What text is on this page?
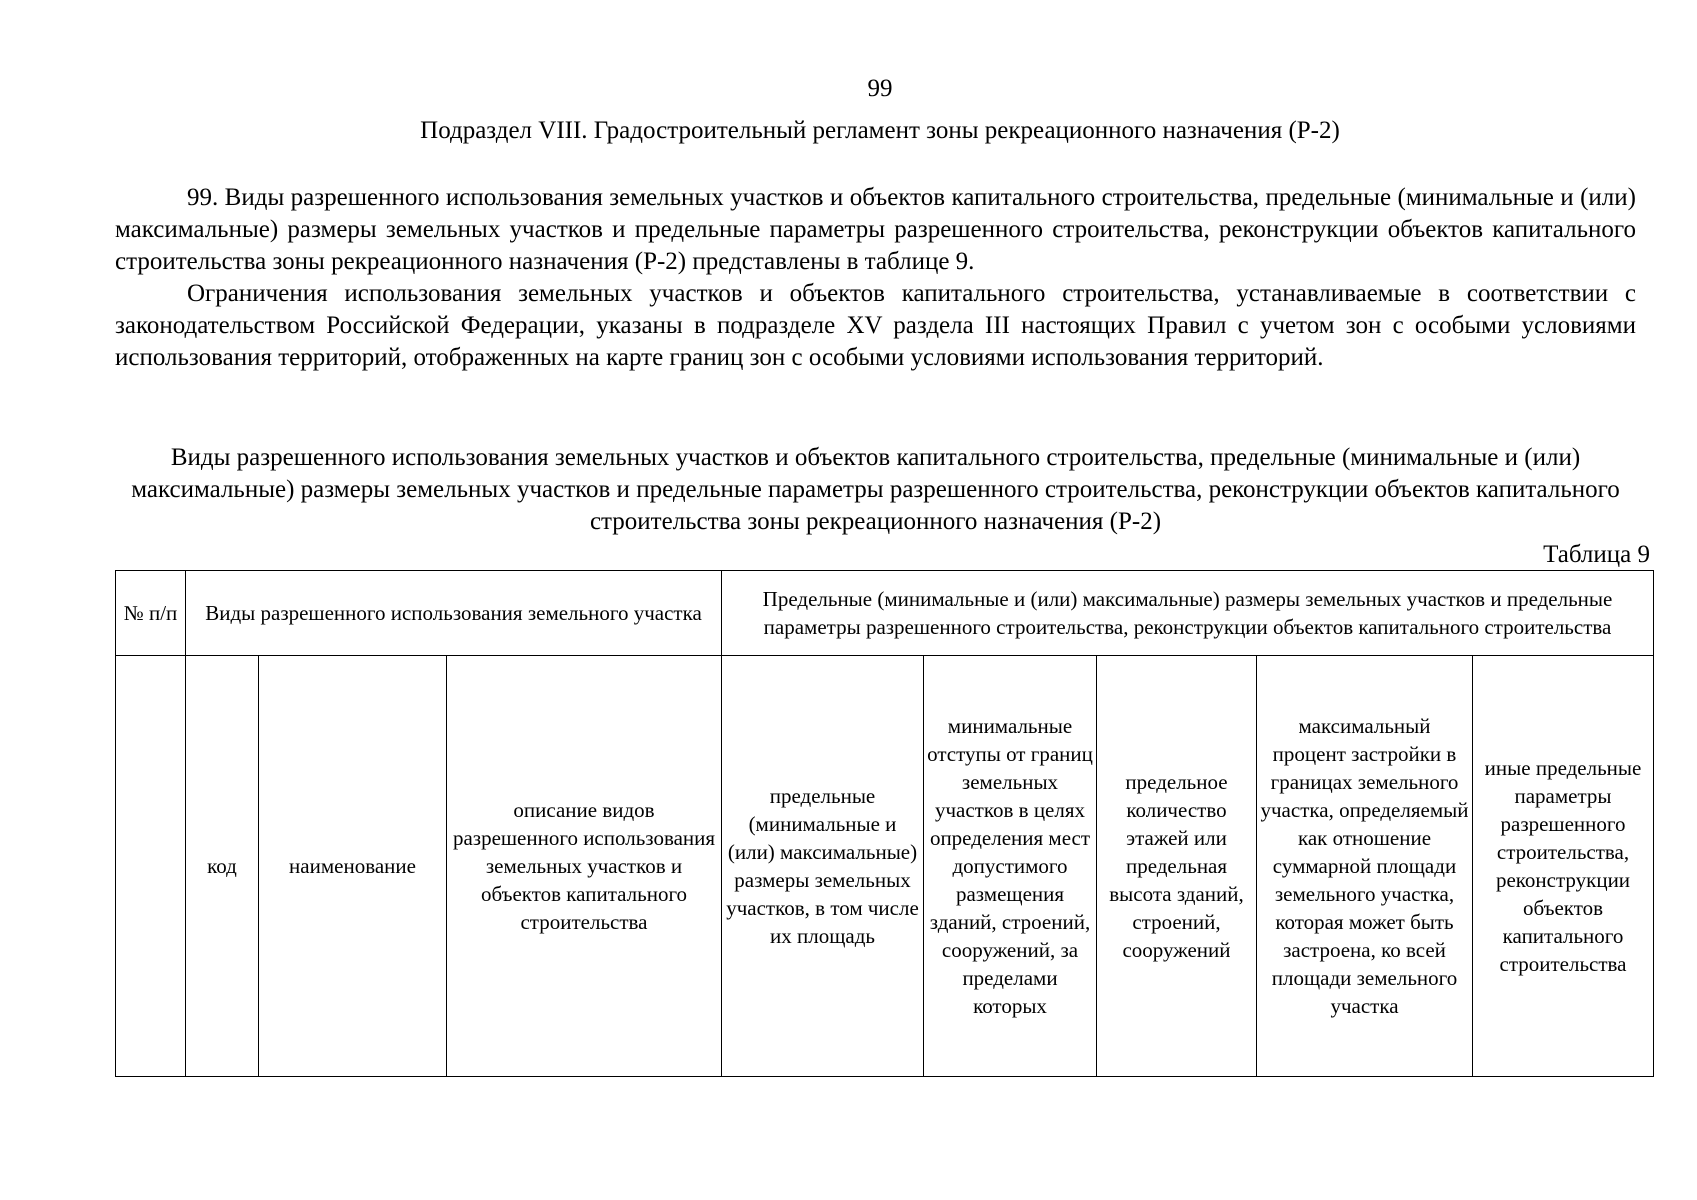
99
Подраздел VIII. Градостроительный регламент зоны рекреационного назначения (Р-2)
99. Виды разрешенного использования земельных участков и объектов капитального строительства, предельные (минимальные и (или) максимальные) размеры земельных участков и предельные параметры разрешенного строительства, реконструкции объектов капитального строительства зоны рекреационного назначения (Р-2) представлены в таблице 9.
Ограничения использования земельных участков и объектов капитального строительства, устанавливаемые в соответствии с законодательством Российской Федерации, указаны в подразделе XV раздела III настоящих Правил с учетом зон с особыми условиями использования территорий, отображенных на карте границ зон с особыми условиями использования территорий.
Виды разрешенного использования земельных участков и объектов капитального строительства, предельные (минимальные и (или) максимальные) размеры земельных участков и предельные параметры разрешенного строительства, реконструкции объектов капитального строительства зоны рекреационного назначения (Р-2)
Таблица 9
№ п/п	Виды разрешенного использования земельного участка			Предельные (минимальные и (или) максимальные) размеры земельных участков и предельные параметры разрешенного строительства, реконструкции объектов капитального строительства				
	код	наименование	описание видов разрешенного использования земельных участков и объектов капитального строительства	предельные (минимальные и (или) максимальные) размеры земельных участков, в том числе их площадь	минимальные отступы от границ земельных участков в целях определения мест допустимого размещения зданий, строений, сооружений, за пределами которых	предельное количество этажей или предельная высота зданий, строений, сооружений	максимальный процент застройки в границах земельного участка, определяемый как отношение суммарной площади земельного участка, которая может быть застроена, ко всей площади земельного участка	иные предельные параметры разрешенного строительства, реконструкции объектов капитального строительства
